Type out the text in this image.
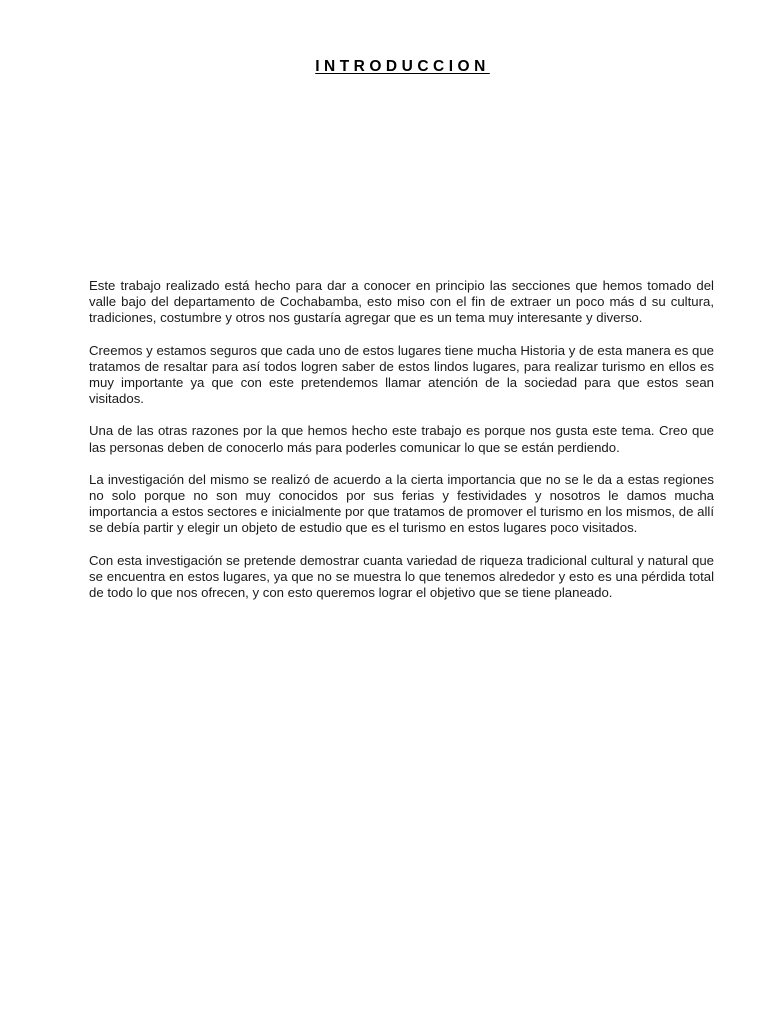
INTRODUCCION

Este trabajo realizado está hecho para dar a conocer en principio las secciones que hemos tomado del valle bajo del departamento de Cochabamba, esto miso con el fin de extraer un poco más d su cultura, tradiciones, costumbre y otros nos gustaría agregar que es un tema muy interesante y diverso.

Creemos y estamos seguros que cada uno de estos lugares tiene mucha Historia y de esta manera es que tratamos de resaltar para así todos logren saber de estos lindos lugares, para realizar turismo en ellos es muy importante ya que con este pretendemos llamar atención de la sociedad para que estos sean visitados.

Una de las otras razones por la que hemos hecho este trabajo es porque nos gusta este tema. Creo que las personas deben de conocerlo más para poderles comunicar lo que se están perdiendo.

La investigación del mismo se realizó de acuerdo a la cierta importancia que no se le da a estas regiones no solo porque no son muy conocidos por sus ferias y festividades y nosotros le damos mucha importancia a estos sectores e inicialmente por que tratamos de promover el turismo en los mismos, de allí se debía partir y elegir un objeto de estudio que es el turismo en estos lugares poco visitados.

Con esta investigación se pretende demostrar cuanta variedad de riqueza tradicional cultural y natural que se encuentra en estos lugares, ya que no se muestra lo que tenemos alrededor y esto es una pérdida total de todo lo que nos ofrecen, y con esto queremos lograr el objetivo que se tiene planeado.
